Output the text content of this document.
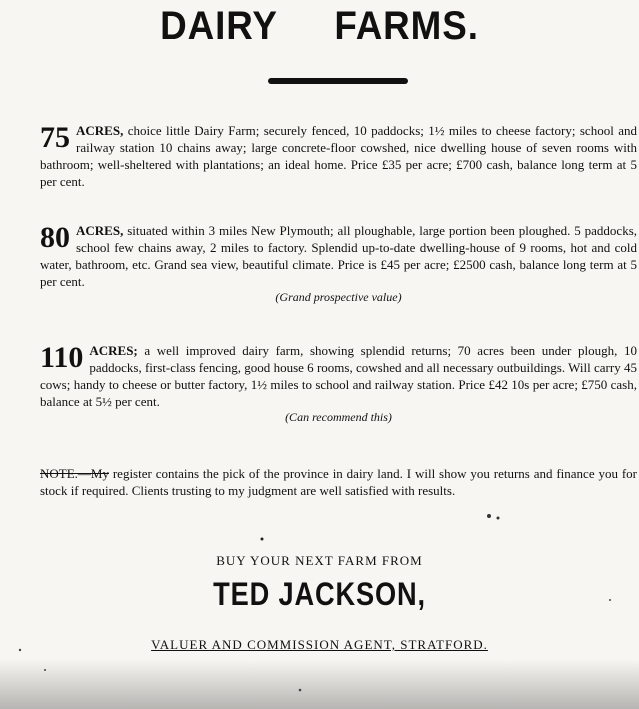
DAIRY FARMS.
75 ACRES, choice little Dairy Farm; securely fenced, 10 paddocks; 1½ miles to cheese factory; school and railway station 10 chains away; large concrete-floor cowshed, nice dwelling house of seven rooms with bathroom; well-sheltered with plantations; an ideal home. Price £35 per acre; £700 cash, balance long term at 5 per cent.
80 ACRES, situated within 3 miles New Plymouth; all ploughable, large portion been ploughed. 5 paddocks, school few chains away, 2 miles to factory. Splendid up-to-date dwelling-house of 9 rooms, hot and cold water, bathroom, etc. Grand sea view, beautiful climate. Price is £45 per acre; £2500 cash, balance long term at 5 per cent.
(Grand prospective value)
110 ACRES; a well improved dairy farm, showing splendid returns; 70 acres been under plough, 10 paddocks, first-class fencing, good house 6 rooms, cowshed and all necessary outbuildings. Will carry 45 cows; handy to cheese or butter factory, 1½ miles to school and railway station. Price £42 10s per acre; £750 cash, balance at 5½ per cent.
(Can recommend this)
NOTE.—My register contains the pick of the province in dairy land. I will show you returns and finance you for stock if required. Clients trusting to my judgment are well satisfied with results.
BUY YOUR NEXT FARM FROM
TED JACKSON,
VALUER AND COMMISSION AGENT, STRATFORD.
